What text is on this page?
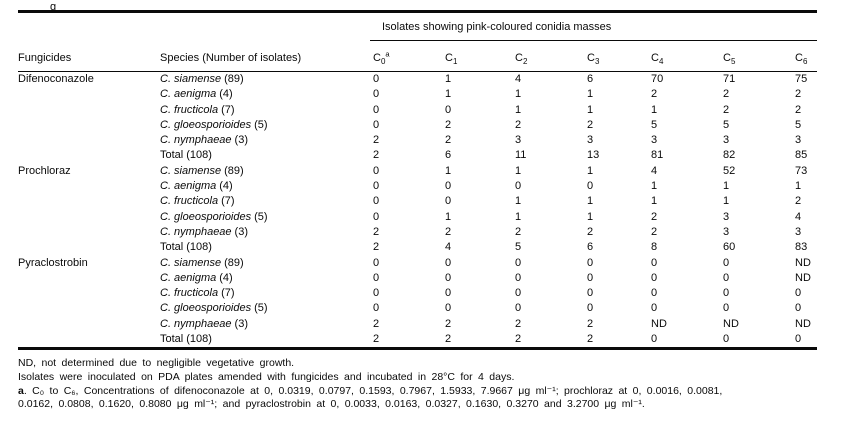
g
		Isolates showing pink-coloured conidia masses						
Fungicides	Species (Number of isolates)	$C_0^a$	$C_1$	$C_2$	$C_3$	$C_4$	$C_5$	$C_6$
Difenoconazole	C. siamense (89)	0	1	4	6	70	71	75
	C. aenigma (4)	0	1	1	1	2	2	2
	C. fructicola (7)	0	0	1	1	1	2	2
	C. gloeosporioides (5)	0	2	2	2	5	5	5
	C. nymphaeae (3)	2	2	3	3	3	3	3
	Total (108)	2	6	11	13	81	82	85
Prochloraz	C. siamense (89)	0	1	1	1	4	52	73
	C. aenigma (4)	0	0	0	0	1	1	1
	C. fructicola (7)	0	0	1	1	1	1	2
	C. gloeosporioides (5)	0	1	1	1	2	3	4
	C. nymphaeae (3)	2	2	2	2	2	3	3
	Total (108)	2	4	5	6	8	60	83
Pyraclostrobin	C. siamense (89)	0	0	0	0	0	0	ND
	C. aenigma (4)	0	0	0	0	0	0	ND
	C. fructicola (7)	0	0	0	0	0	0	0
	C. gloeosporioides (5)	0	0	0	0	0	0	0
	C. nymphaeae (3)	2	2	2	2	ND	ND	ND
	Total (108)	2	2	2	2	0	0	0
ND, not determined due to negligible vegetative growth.
Isolates were inoculated on PDA plates amended with fungicides and incubated in 28°C for 4 days.
a. C₀ to C₆, Concentrations of difenoconazole at 0, 0.0319, 0.0797, 0.1593, 0.7967, 1.5933, 7.9667 μg ml⁻¹; prochloraz at 0, 0.0016, 0.0081,
0.0162, 0.0808, 0.1620, 0.8080 μg ml⁻¹; and pyraclostrobin at 0, 0.0033, 0.0163, 0.0327, 0.1630, 0.3270 and 3.2700 μg ml⁻¹.
